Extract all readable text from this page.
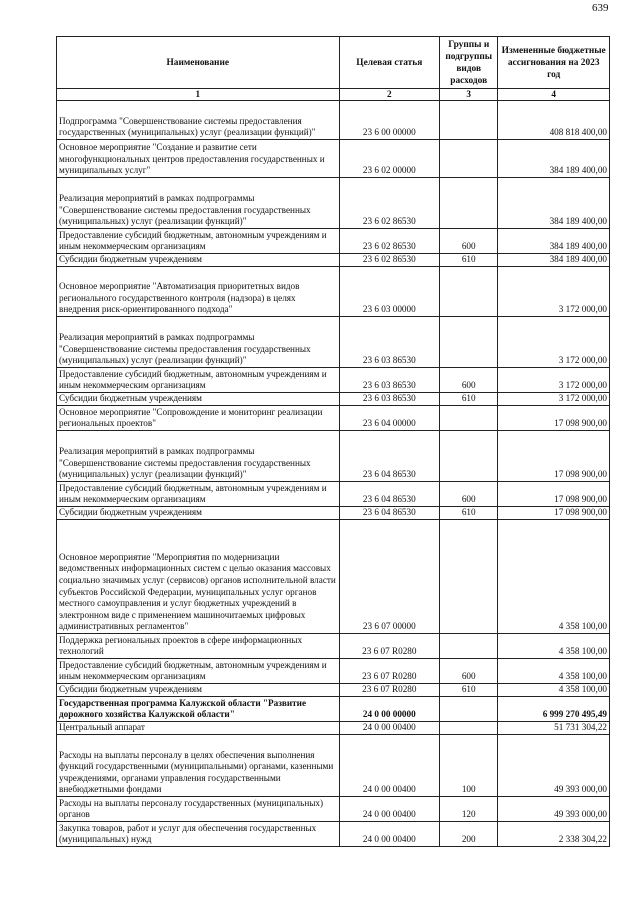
639
Наименование	Целевая статья	Группы и подгруппы видов расходов	Измененные бюджетные ассигнования на 2023 год
1	2	3	4
Подпрограмма "Совершенствование системы предоставления государственных (муниципальных) услуг (реализации функций)"	23 6 00 00000		408 818 400,00
Основное мероприятие "Создание и развитие сети многофункциональных центров предоставления государственных и муниципальных услуг"	23 6 02 00000		384 189 400,00
Реализация мероприятий в рамках подпрограммы "Совершенствование системы предоставления государственных (муниципальных) услуг (реализации функций)"	23 6 02 86530		384 189 400,00
Предоставление субсидий бюджетным, автономным учреждениям и иным некоммерческим организациям	23 6 02 86530	600	384 189 400,00
Субсидии бюджетным учреждениям	23 6 02 86530	610	384 189 400,00
Основное мероприятие "Автоматизация приоритетных видов регионального государственного контроля (надзора) в целях внедрения риск-ориентированного подхода"	23 6 03 00000		3 172 000,00
Реализация мероприятий в рамках подпрограммы "Совершенствование системы предоставления государственных (муниципальных) услуг (реализации функций)"	23 6 03 86530		3 172 000,00
Предоставление субсидий бюджетным, автономным учреждениям и иным некоммерческим организациям	23 6 03 86530	600	3 172 000,00
Субсидии бюджетным учреждениям	23 6 03 86530	610	3 172 000,00
Основное мероприятие "Сопровождение и мониторинг реализации региональных проектов"	23 6 04 00000		17 098 900,00
Реализация мероприятий в рамках подпрограммы "Совершенствование системы предоставления государственных (муниципальных) услуг (реализации функций)"	23 6 04 86530		17 098 900,00
Предоставление субсидий бюджетным, автономным учреждениям и иным некоммерческим организациям	23 6 04 86530	600	17 098 900,00
Субсидии бюджетным учреждениям	23 6 04 86530	610	17 098 900,00
Основное мероприятие "Мероприятия по модернизации ведомственных информационных систем с целью оказания массовых социально значимых услуг (сервисов) органов исполнительной власти субъектов Российской Федерации, муниципальных услуг органов местного самоуправления и услуг бюджетных учреждений в электронном виде с применением машиночитаемых цифровых административных регламентов"	23 6 07 00000		4 358 100,00
Поддержка региональных проектов в сфере информационных технологий	23 6 07 R0280		4 358 100,00
Предоставление субсидий бюджетным, автономным учреждениям и иным некоммерческим организациям	23 6 07 R0280	600	4 358 100,00
Субсидии бюджетным учреждениям	23 6 07 R0280	610	4 358 100,00
Государственная программа Калужской области "Развитие дорожного хозяйства Калужской области"	24 0 00 00000		6 999 270 495,49
Центральный аппарат	24 0 00 00400		51 731 304,22
Расходы на выплаты персоналу в целях обеспечения выполнения функций государственными (муниципальными) органами, казенными учреждениями, органами управления государственными внебюджетными фондами	24 0 00 00400	100	49 393 000,00
Расходы на выплаты персоналу государственных (муниципальных) органов	24 0 00 00400	120	49 393 000,00
Закупка товаров, работ и услуг для обеспечения государственных (муниципальных) нужд	24 0 00 00400	200	2 338 304,22
